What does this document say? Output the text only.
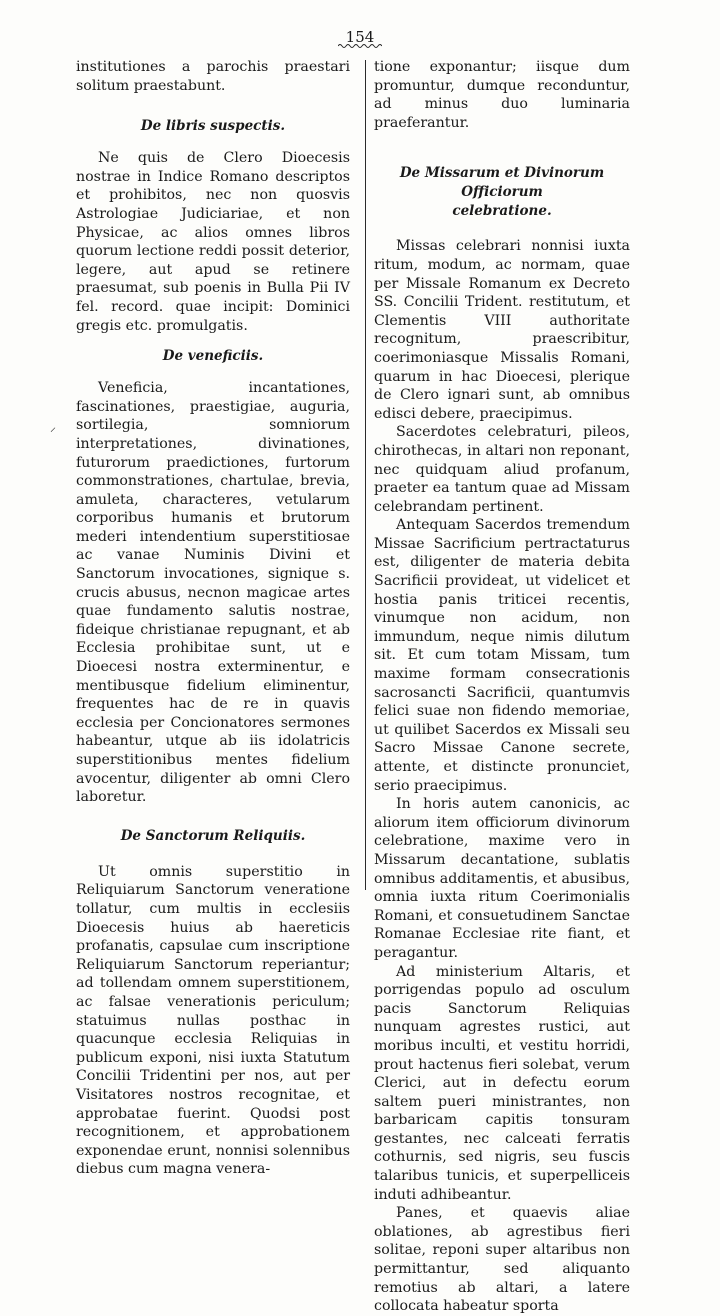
154
⸝

institutiones a parochis praestari solitum praestabunt.

De libris suspectis.

Ne quis de Clero Dioecesis nostrae in Indice Romano descriptos et prohibitos, nec non quosvis Astrologiae Judiciariae, et non Physicae, ac alios omnes libros quorum lectione reddi possit deterior, legere, aut apud se retinere praesumat, sub poenis in Bulla Pii IV fel. record. quae incipit: Dominici gregis etc. promulgatis.

De veneficiis.

Veneficia, incantationes, fascinationes, praestigiae, auguria, sortilegia, somniorum interpretationes, divinationes, futurorum praedictiones, furtorum commonstrationes, chartulae, brevia, amuleta, characteres, vetularum corporibus humanis et brutorum mederi intendentium superstitiosae ac vanae Numinis Divini et Sanctorum invocationes, signique s. crucis abusus, necnon magicae artes quae fundamento salutis nostrae, fideique christianae repugnant, et ab Ecclesia prohibitae sunt, ut e Dioecesi nostra exterminentur, e mentibusque fidelium eliminentur, frequentes hac de re in quavis ecclesia per Concionatores sermones habeantur, utque ab iis idolatricis superstitionibus mentes fidelium avocentur, diligenter ab omni Clero laboretur.

De Sanctorum Reliquiis.

Ut omnis superstitio in Reliquiarum Sanctorum veneratione tollatur, cum multis in ecclesiis Dioecesis huius ab haereticis profanatis, capsulae cum inscriptione Reliquiarum Sanctorum reperiantur; ad tollendam omnem superstitionem, ac falsae venerationis periculum; statuimus nullas posthac in quacunque ecclesia Reliquias in publicum exponi, nisi iuxta Statutum Concilii Tridentini per nos, aut per Visitatores nostros recognitae, et approbatae fuerint. Quodsi post recognitionem, et approbationem exponendae erunt, nonnisi solennibus diebus cum magna venera-

tione exponantur; iisque dum promuntur, dumque reconduntur, ad minus duo luminaria praeferantur.

De Missarum et Divinorum Officiorum
celebratione.

Missas celebrari nonnisi iuxta ritum, modum, ac normam, quae per Missale Romanum ex Decreto SS. Concilii Trident. restitutum, et Clementis VIII authoritate recognitum, praescribitur, coerimoniasque Missalis Romani, quarum in hac Dioecesi, plerique de Clero ignari sunt, ab omnibus edisci debere, praecipimus.

Sacerdotes celebraturi, pileos, chirothecas, in altari non reponant, nec quidquam aliud profanum, praeter ea tantum quae ad Missam celebrandam pertinent.

Antequam Sacerdos tremendum Missae Sacrificium pertractaturus est, diligenter de materia debita Sacrificii provideat, ut videlicet et hostia panis triticei recentis, vinumque non acidum, non immundum, neque nimis dilutum sit. Et cum totam Missam, tum maxime formam consecrationis sacrosancti Sacrificii, quantumvis felici suae non fidendo memoriae, ut quilibet Sacerdos ex Missali seu Sacro Missae Canone secrete, attente, et distincte pronunciet, serio praecipimus.

In horis autem canonicis, ac aliorum item officiorum divinorum celebratione, maxime vero in Missarum decantatione, sublatis omnibus additamentis, et abusibus, omnia iuxta ritum Coerimonialis Romani, et consuetudinem Sanctae Romanae Ecclesiae rite fiant, et peragantur.

Ad ministerium Altaris, et porrigendas populo ad osculum pacis Sanctorum Reliquias nunquam agrestes rustici, aut moribus inculti, et vestitu horridi, prout hactenus fieri solebat, verum Clerici, aut in defectu eorum saltem pueri ministrantes, non barbaricam capitis tonsuram gestantes, nec calceati ferratis cothurnis, sed nigris, seu fuscis talaribus tunicis, et superpelliceis induti adhibeantur.

Panes, et quaevis aliae oblationes, ab agrestibus fieri solitae, reponi super altaribus non permittantur, sed aliquanto remotius ab altari, a latere collocata habeatur sporta
